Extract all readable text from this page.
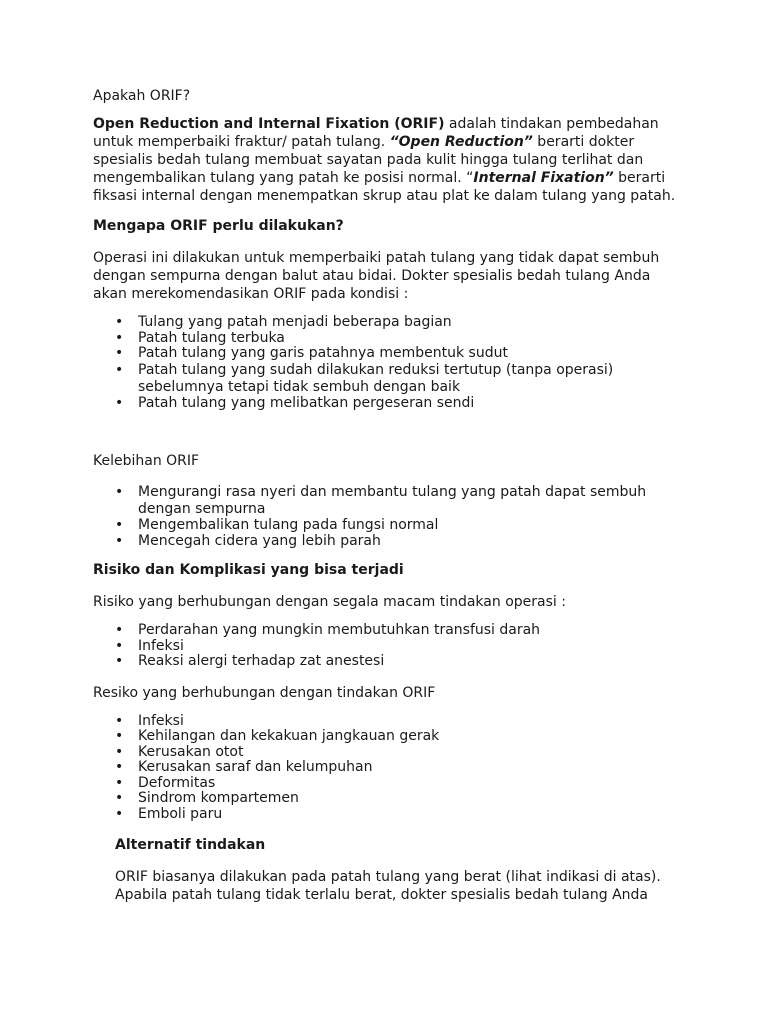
Apakah ORIF?

Open Reduction and Internal Fixation (ORIF) adalah tindakan pembedahan untuk memperbaiki fraktur/ patah tulang. “Open Reduction” berarti dokter spesialis bedah tulang membuat sayatan pada kulit hingga tulang terlihat dan mengembalikan tulang yang patah ke posisi normal. “Internal Fixation” berarti fiksasi internal dengan menempatkan skrup atau plat ke dalam tulang yang patah.

Mengapa ORIF perlu dilakukan?

Operasi ini dilakukan untuk memperbaiki patah tulang yang tidak dapat sembuh dengan sempurna dengan balut atau bidai. Dokter spesialis bedah tulang Anda akan merekomendasikan ORIF pada kondisi :

• Tulang yang patah menjadi beberapa bagian
• Patah tulang terbuka
• Patah tulang yang garis patahnya membentuk sudut
• Patah tulang yang sudah dilakukan reduksi tertutup (tanpa operasi) sebelumnya tetapi tidak sembuh dengan baik
• Patah tulang yang melibatkan pergeseran sendi

Kelebihan ORIF

• Mengurangi rasa nyeri dan membantu tulang yang patah dapat sembuh dengan sempurna
• Mengembalikan tulang pada fungsi normal
• Mencegah cidera yang lebih parah

Risiko dan Komplikasi yang bisa terjadi

Risiko yang berhubungan dengan segala macam tindakan operasi :

• Perdarahan yang mungkin membutuhkan transfusi darah
• Infeksi
• Reaksi alergi terhadap zat anestesi

Resiko yang berhubungan dengan tindakan ORIF

• Infeksi
• Kehilangan dan kekakuan jangkauan gerak
• Kerusakan otot
• Kerusakan saraf dan kelumpuhan
• Deformitas
• Sindrom kompartemen
• Emboli paru

Alternatif tindakan

ORIF biasanya dilakukan pada patah tulang yang berat (lihat indikasi di atas). Apabila patah tulang tidak terlalu berat, dokter spesialis bedah tulang Anda
